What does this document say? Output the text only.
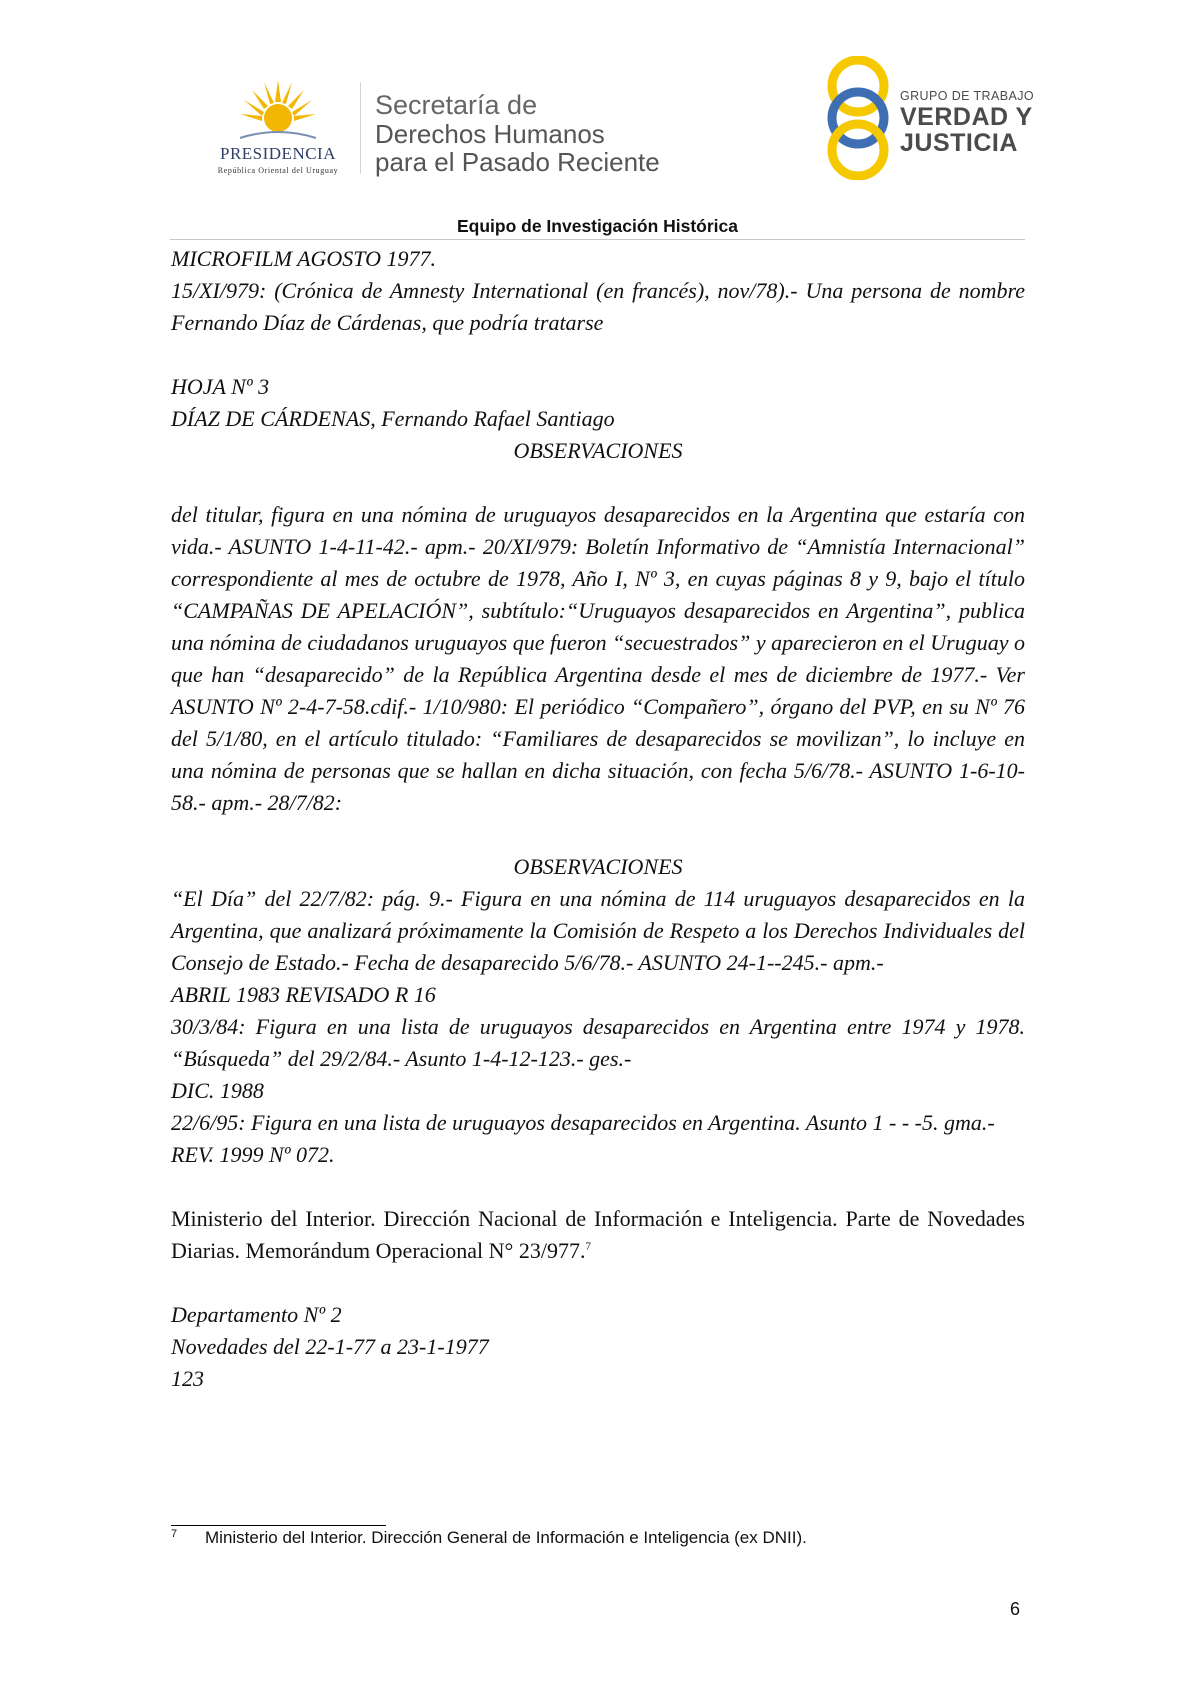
PRESIDENCIA
República Oriental del Uruguay
Secretaría de
Derechos Humanos
para el Pasado Reciente
GRUPO DE TRABAJO
VERDAD Y
JUSTICIA
Equipo de Investigación Histórica

MICROFILM AGOSTO 1977.

15/XI/979: (Crónica de Amnesty International (en francés), nov/78).- Una persona de nombre Fernando Díaz de Cárdenas, que podría tratarse

HOJA Nº 3

DÍAZ DE CÁRDENAS, Fernando Rafael Santiago

OBSERVACIONES

del titular, figura en una nómina de uruguayos desaparecidos en la Argentina que estaría con vida.- ASUNTO 1-4-11-42.- apm.- 20/XI/979: Boletín Informativo de “Amnistía Internacional” correspondiente al mes de octubre de 1978, Año I, Nº 3, en cuyas páginas 8 y 9, bajo el título “CAMPAÑAS DE APELACIÓN”, subtítulo:“Uruguayos desaparecidos en Argentina”, publica una nómina de ciudadanos uruguayos que fueron “secuestrados” y aparecieron en el Uruguay o que han “desaparecido” de la República Argentina desde el mes de diciembre de 1977.- Ver ASUNTO Nº 2-4-7-58.cdif.- 1/10/980: El periódico “Compañero”, órgano del PVP, en su Nº 76 del 5/1/80, en el artículo titulado: “Familiares de desaparecidos se movilizan”, lo incluye en una nómina de personas que se hallan en dicha situación, con fecha 5/6/78.- ASUNTO 1-6-10-58.- apm.- 28/7/82:

OBSERVACIONES

“El Día” del 22/7/82: pág. 9.- Figura en una nómina de 114 uruguayos desaparecidos en la Argentina, que analizará próximamente la Comisión de Respeto a los Derechos Individuales del Consejo de Estado.- Fecha de desaparecido 5/6/78.- ASUNTO 24-1--245.- apm.-

ABRIL 1983 REVISADO R 16

30/3/84: Figura en una lista de uruguayos desaparecidos en Argentina entre 1974 y 1978. “Búsqueda” del 29/2/84.- Asunto 1-4-12-123.- ges.-

DIC. 1988

22/6/95: Figura en una lista de uruguayos desaparecidos en Argentina. Asunto 1 - - -5. gma.-

REV. 1999 Nº 072.

Ministerio del Interior. Dirección Nacional de Información e Inteligencia. Parte de Novedades Diarias. Memorándum Operacional N° 23/977.$^7$

Departamento Nº 2

Novedades del 22-1-77 a 23-1-1977

123

7 Ministerio del Interior. Dirección General de Información e Inteligencia (ex DNII).
6
